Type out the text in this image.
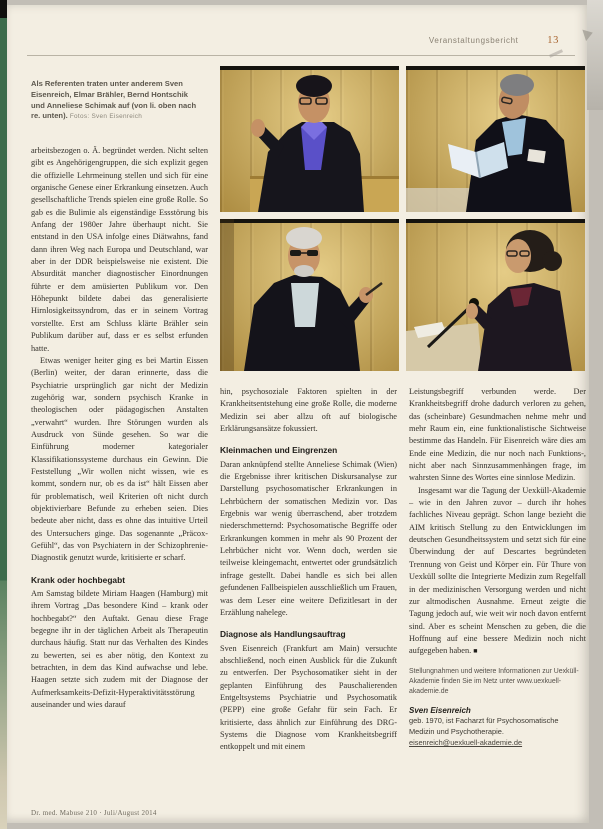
Veranstaltungsbericht	13
Als Referenten traten unter anderem Sven Eisenreich, Elmar Brähler, Bernd Hontschik und Anneliese Schimak auf (von li. oben nach re. unten). Fotos: Sven Eisenreich

arbeitsbezogen o. Ä. begründet werden. Nicht selten gibt es Angehörigengruppen, die sich explizit gegen die offizielle Lehrmeinung stellen und sich für eine organische Genese einer Erkrankung einsetzen. Auch gesellschaftliche Trends spielen eine große Rolle. So gab es die Bulimie als eigenständige Essstörung bis Anfang der 1980er Jahre überhaupt nicht. Sie entstand in den USA infolge eines Diätwahns, fand dann ihren Weg nach Europa und Deutschland, war aber in der DDR beispielsweise nie existent. Die Absurdität mancher diagnostischer Einordnungen führte er dem amüsierten Publikum vor. Den Höhepunkt bildete dabei das generalisierte Hirnlosigkeitssyndrom, das er in seinem Vortrag vorstellte. Erst am Schluss klärte Brähler sein Publikum darüber auf, dass er es selbst erfunden hatte.

Etwas weniger heiter ging es bei Martin Eissen (Berlin) weiter, der daran erinnerte, dass die Psychiatrie ursprünglich gar nicht der Medizin zugehörig war, sondern psychisch Kranke in theologischen oder pädagogischen Anstalten „verwahrt“ wurden. Ihre Störungen wurden als Ausdruck von Sünde gesehen. So war die Einführung moderner kategorialer Klassifikationssysteme durchaus ein Gewinn. Die Feststellung „Wir wollen nicht wissen, wie es kommt, sondern nur, ob es da ist“ hält Eissen aber für problematisch, weil Kriterien oft nicht durch objektivierbare Befunde zu erheben seien. Dies bedeute aber nicht, dass es ohne das intuitive Urteil des Untersuchers ginge. Das sogenannte „Präcox-Gefühl“, das von Psychiatern in der Schizophrenie-Diagnostik genutzt wurde, kritisierte er scharf.

Krank oder hochbegabt

Am Samstag bildete Miriam Haagen (Hamburg) mit ihrem Vortrag „Das besondere Kind – krank oder hochbegabt?“ den Auftakt. Genau diese Frage begegne ihr in der täglichen Arbeit als Therapeutin durchaus häufig. Statt nur das Verhalten des Kindes zu bewerten, sei es aber nötig, den Kontext zu betrachten, in dem das Kind aufwachse und lebe. Haagen setzte sich zudem mit der Diagnose der Aufmerksamkeits-Defizit-Hyperaktivitätsstörung auseinander und wies darauf

hin, psychosoziale Faktoren spielten in der Krankheitsentstehung eine große Rolle, die moderne Medizin sei aber allzu oft auf biologische Erklärungsansätze fokussiert.

Kleinmachen und Eingrenzen

Daran anknüpfend stellte Anneliese Schimak (Wien) die Ergebnisse ihrer kritischen Diskursanalyse zur Darstellung psychosomatischer Erkrankungen in Lehrbüchern der somatischen Medizin vor. Das Ergebnis war wenig überraschend, aber trotzdem niederschmetternd: Psychosomatische Begriffe oder Erkrankungen kommen in mehr als 90 Prozent der Lehrbücher nicht vor. Wenn doch, werden sie teilweise kleingemacht, entwertet oder grundsätzlich infrage gestellt. Dabei handle es sich bei allen gefundenen Fallbeispielen ausschließlich um Frauen, was dem Leser eine weitere Defizitlesart in der Erzählung nahelege.

Diagnose als Handlungsauftrag

Sven Eisenreich (Frankfurt am Main) versuchte abschließend, noch einen Ausblick für die Zukunft zu entwerfen. Der Psychosomatiker sieht in der geplanten Einführung des Pauschalierenden Entgeltsystems Psychiatrie und Psychosomatik (PEPP) eine große Gefahr für sein Fach. Er kritisierte, dass ähnlich zur Einführung des DRG-Systems die Diagnose vom Krankheitsbegriff entkoppelt und mit einem

Leistungsbegriff verbunden werde. Der Krankheitsbegriff drohe dadurch verloren zu gehen, das (scheinbare) Gesundmachen nehme mehr und mehr Raum ein, eine funktionalistische Sichtweise bestimme das Handeln. Für Eisenreich wäre dies am Ende eine Medizin, die nur noch nach Funktions-, nicht aber nach Sinnzusammenhängen frage, im wahrsten Sinne des Wortes eine sinnlose Medizin.

Insgesamt war die Tagung der Uexküll-Akademie – wie in den Jahren zuvor – durch ihr hohes fachliches Niveau geprägt. Schon lange bezieht die AIM kritisch Stellung zu den Entwicklungen im deutschen Gesundheitssystem und setzt sich für eine Überwindung der auf Descartes begründeten Trennung von Geist und Körper ein. Für Thure von Uexküll sollte die Integrierte Medizin zum Regelfall in der medizinischen Versorgung werden und nicht zur altmodischen Ausnahme. Erneut zeigte die Tagung jedoch auf, wie weit wir noch davon entfernt sind. Aber es scheint Menschen zu geben, die die Hoffnung auf eine bessere Medizin noch nicht aufgegeben haben. ■

Stellungnahmen und weitere Informationen zur Uexküll-Akademie finden Sie im Netz unter www.uexkuell-akademie.de
Sven Eisenreich
geb. 1970, ist Facharzt für Psychosomatische Medizin und Psychotherapie.
eisenreich@uexkuell-akademie.de
Dr. med. Mabuse 210 · Juli/August 2014
